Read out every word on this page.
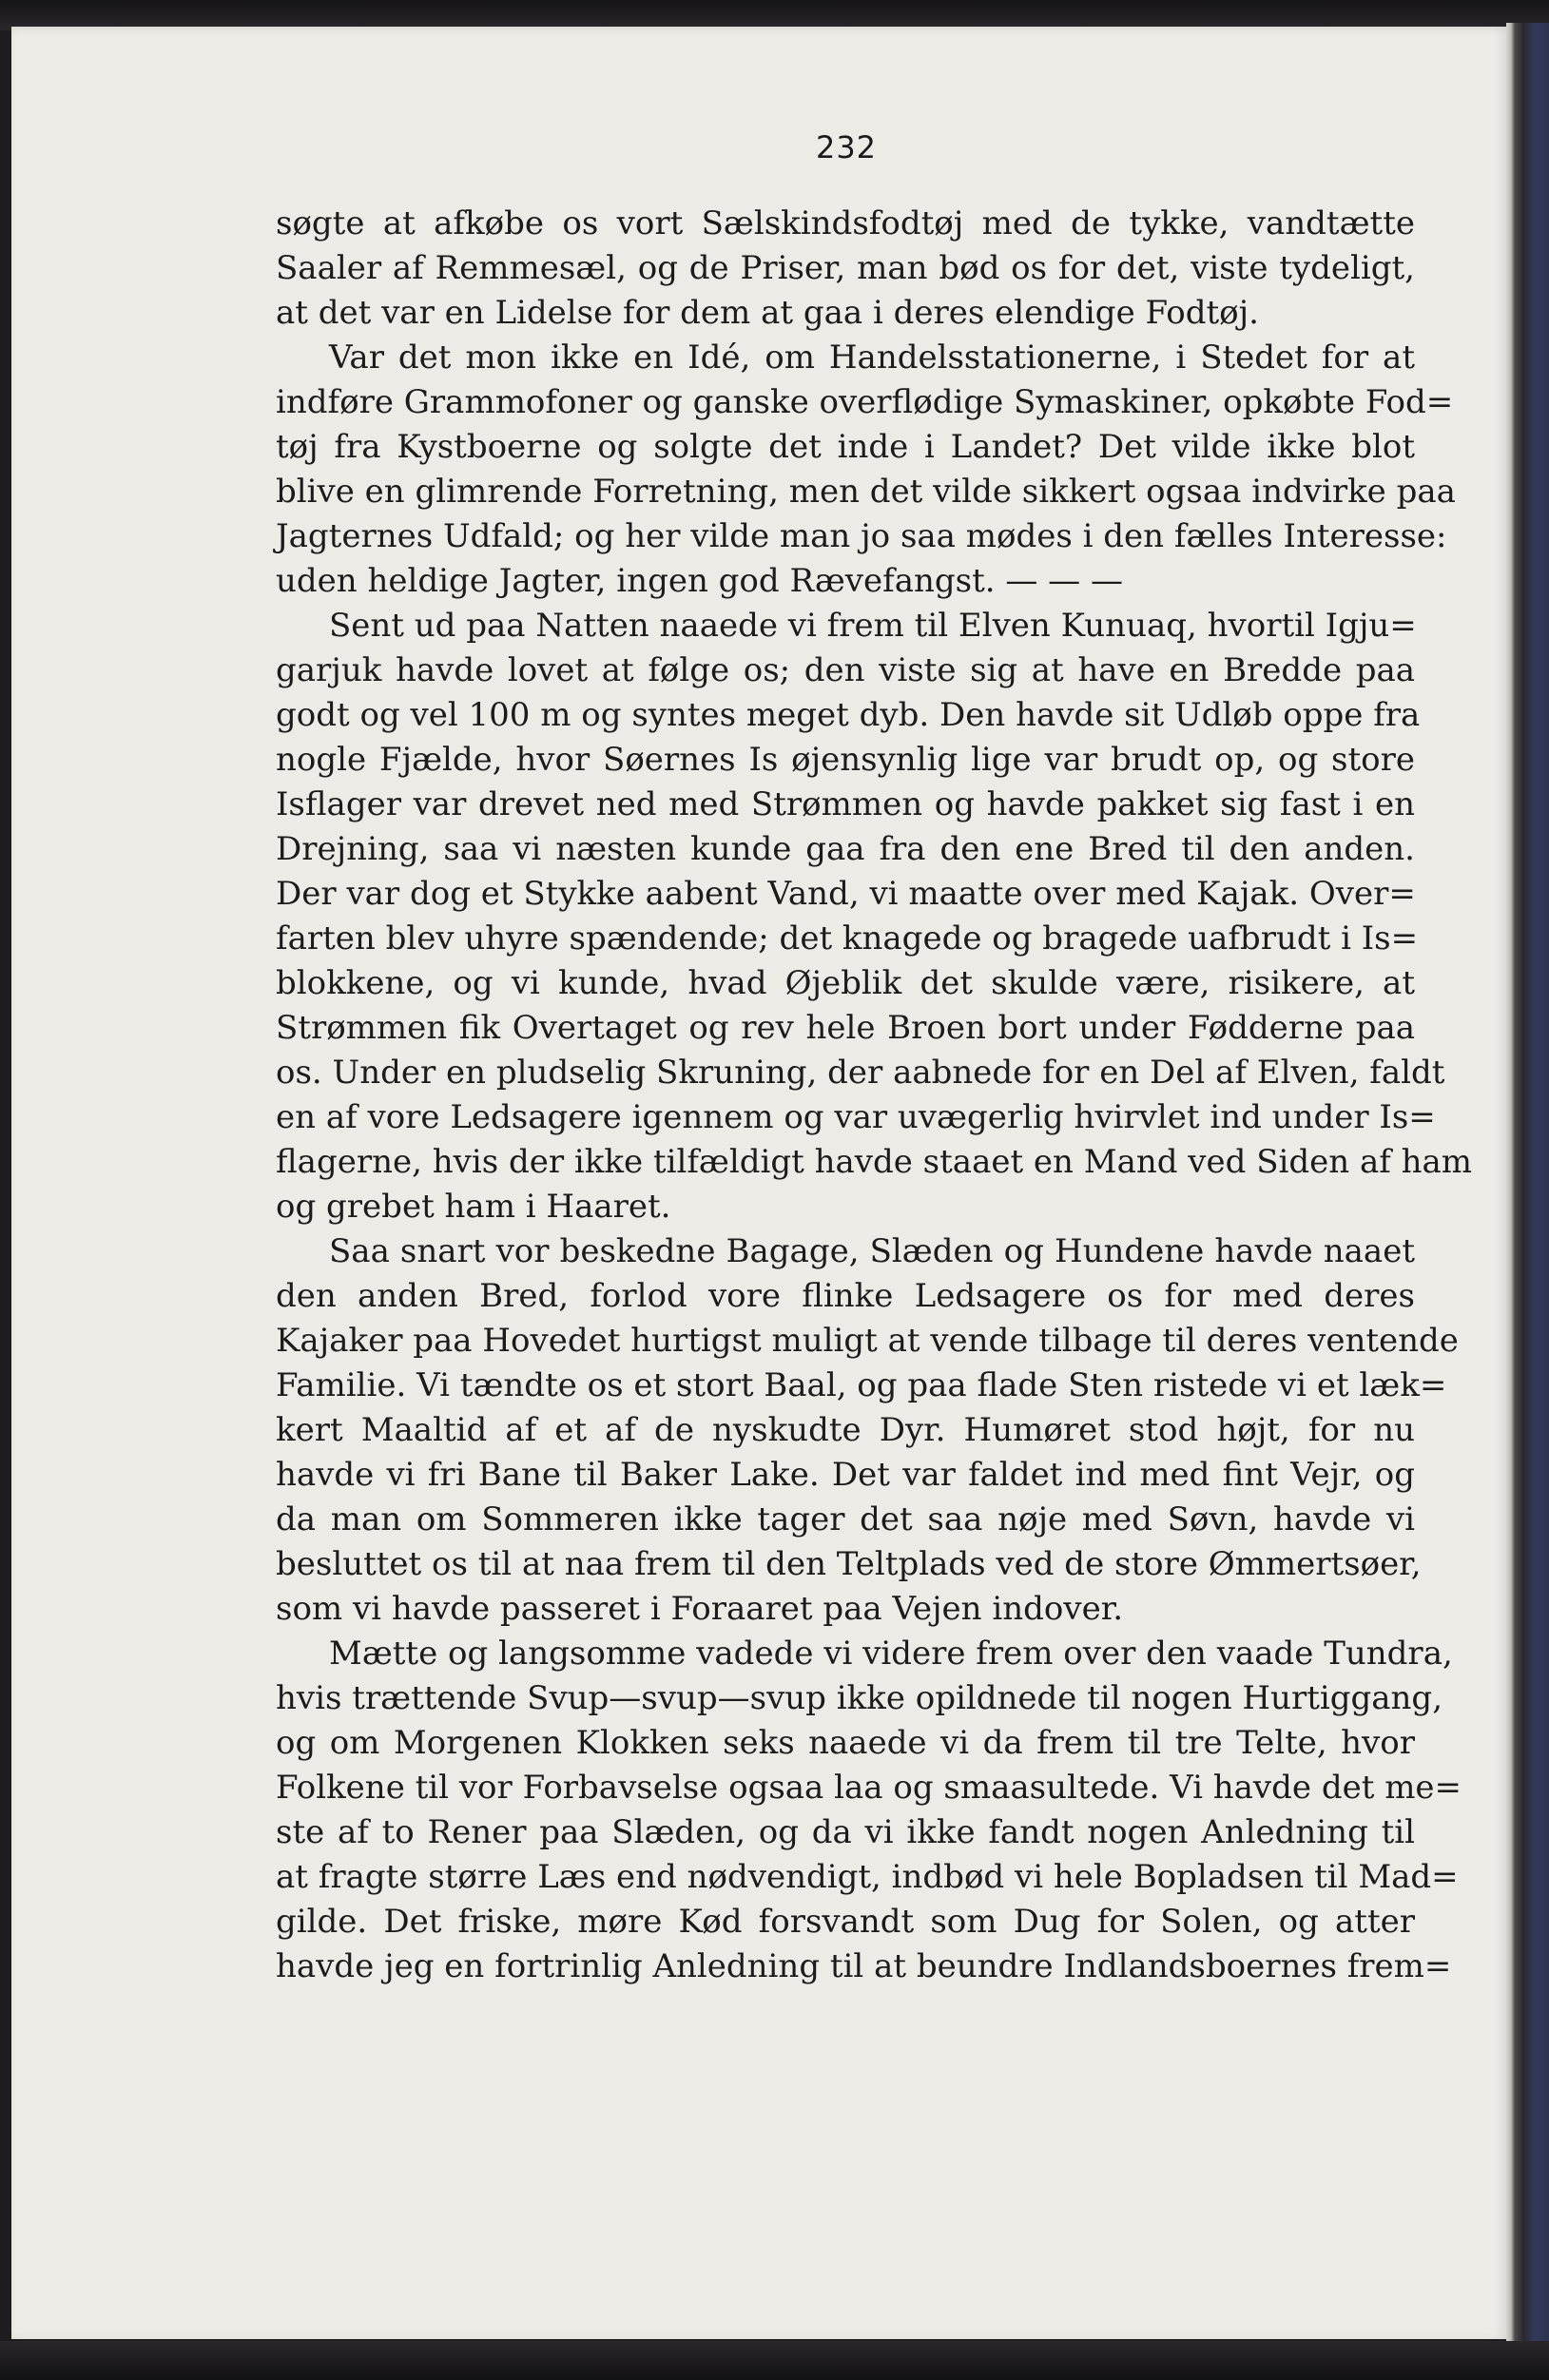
232
søgte at afkøbe os vort Sælskindsfodtøj med de tykke, vandtætte
Saaler af Remmesæl, og de Priser, man bød os for det, viste tydeligt,
at det var en Lidelse for dem at gaa i deres elendige Fodtøj.
Var det mon ikke en Idé, om Handelsstationerne, i Stedet for at
indføre Grammofoner og ganske overflødige Symaskiner, opkøbte Fod=
tøj fra Kystboerne og solgte det inde i Landet? Det vilde ikke blot
blive en glimrende Forretning, men det vilde sikkert ogsaa indvirke paa
Jagternes Udfald; og her vilde man jo saa mødes i den fælles Interesse:
uden heldige Jagter, ingen god Rævefangst. — — —
Sent ud paa Natten naaede vi frem til Elven Kunuaq, hvortil Igju=
garjuk havde lovet at følge os; den viste sig at have en Bredde paa
godt og vel 100 m og syntes meget dyb. Den havde sit Udløb oppe fra
nogle Fjælde, hvor Søernes Is øjensynlig lige var brudt op, og store
Isflager var drevet ned med Strømmen og havde pakket sig fast i en
Drejning, saa vi næsten kunde gaa fra den ene Bred til den anden.
Der var dog et Stykke aabent Vand, vi maatte over med Kajak. Over=
farten blev uhyre spændende; det knagede og bragede uafbrudt i Is=
blokkene, og vi kunde, hvad Øjeblik det skulde være, risikere, at
Strømmen fik Overtaget og rev hele Broen bort under Fødderne paa
os. Under en pludselig Skruning, der aabnede for en Del af Elven, faldt
en af vore Ledsagere igennem og var uvægerlig hvirvlet ind under Is=
flagerne, hvis der ikke tilfældigt havde staaet en Mand ved Siden af ham
og grebet ham i Haaret.
Saa snart vor beskedne Bagage, Slæden og Hundene havde naaet
den anden Bred, forlod vore flinke Ledsagere os for med deres
Kajaker paa Hovedet hurtigst muligt at vende tilbage til deres ventende
Familie. Vi tændte os et stort Baal, og paa flade Sten ristede vi et læk=
kert Maaltid af et af de nyskudte Dyr. Humøret stod højt, for nu
havde vi fri Bane til Baker Lake. Det var faldet ind med fint Vejr, og
da man om Sommeren ikke tager det saa nøje med Søvn, havde vi
besluttet os til at naa frem til den Teltplads ved de store Ømmertsøer,
som vi havde passeret i Foraaret paa Vejen indover.
Mætte og langsomme vadede vi videre frem over den vaade Tundra,
hvis trættende Svup—svup—svup ikke opildnede til nogen Hurtiggang,
og om Morgenen Klokken seks naaede vi da frem til tre Telte, hvor
Folkene til vor Forbavselse ogsaa laa og smaasultede. Vi havde det me=
ste af to Rener paa Slæden, og da vi ikke fandt nogen Anledning til
at fragte større Læs end nødvendigt, indbød vi hele Bopladsen til Mad=
gilde. Det friske, møre Kød forsvandt som Dug for Solen, og atter
havde jeg en fortrinlig Anledning til at beundre Indlandsboernes frem=
